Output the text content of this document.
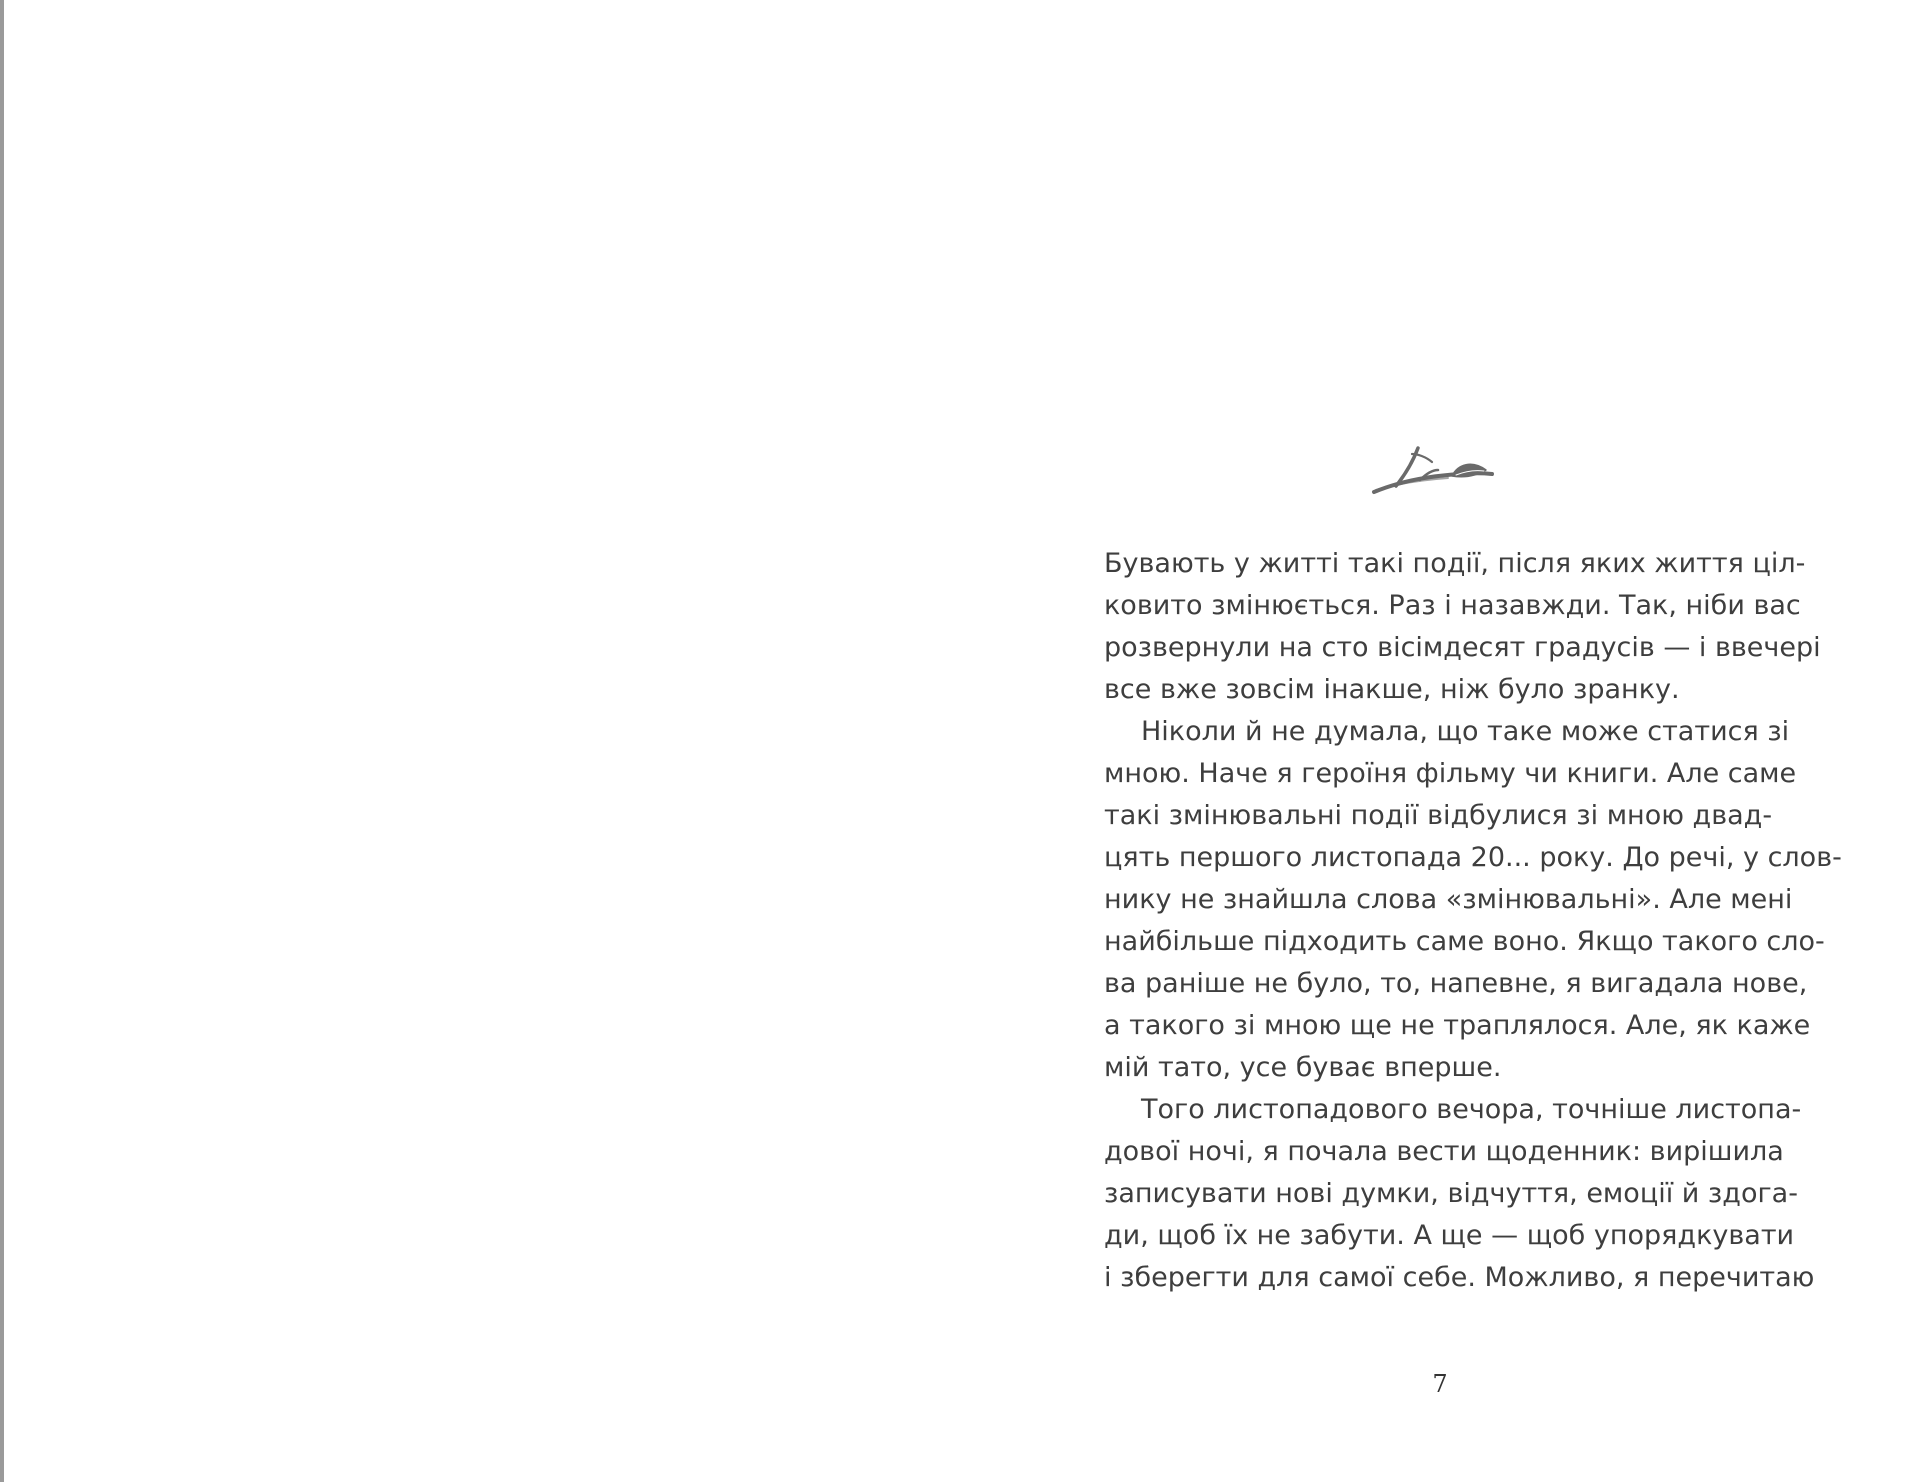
Бувають у житті такі події, після яких життя цiл-
ковито змінюється. Раз і назавжди. Так, ніби вас
розвернули на сто вісімдесят градусів — і ввечері
все вже зовсім інакше, ніж було зранку.
Ніколи й не думала, що таке може статися зі
мною. Наче я героїня фільму чи книги. Але саме
такі змінювальні події відбулися зі мною двад-
цять першого листопада 20... року. До речі, у слов-
нику не знайшла слова «змінювальні». Але мені
найбільше підходить саме воно. Якщо такого сло-
ва раніше не було, то, напевне, я вигадала нове,
а такого зі мною ще не траплялося. Але, як каже
мій тато, усе буває вперше.
Того листопадового вечора, точніше листопа-
дової ночі, я почала вести щоденник: вирішила
записувати нові думки, відчуття, емоції й здога-
ди, щоб їх не забути. А ще — щоб упорядкувати
і зберегти для самої себе. Можливо, я перечитаю
7
